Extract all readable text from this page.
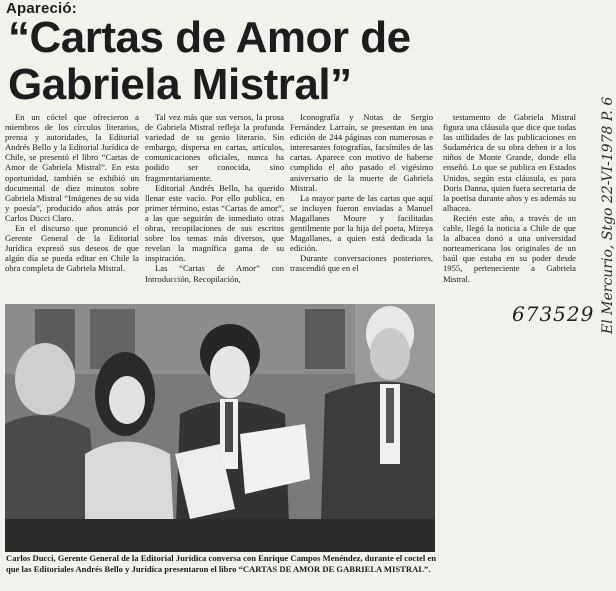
Apareció:
“Cartas de Amor de Gabriela Mistral”

En un cóctel que ofrecieron a miembros de los círculos literarios, prensa y autoridades, la Editorial Andrés Bello y la Editorial Jurídica de Chile, se presentó el libro “Cartas de Amor de Gabriela Mistral”. En esta oportunidad, también se exhibió un documental de diez minutos sobre Gabriela Mistral “Imágenes de su vida y poesía”, producido años atrás por Carlos Ducci Claro.

En el discurso que pronunció el Gerente General de la Editorial Jurídica expresó sus deseos de que algún día se pueda editar en Chile la obra completa de Gabriela Mistral.

Tal vez más que sus versos, la prosa de Gabriela Mistral refleja la profunda variedad de su genio literario. Sin embargo, dispersa en cartas, artículos, comunicaciones oficiales, nunca ha podido ser conocida, sino fragmentariamente.

Editorial Andrés Bello, ha querido llenar este vacío. Por ello publica, en primer término, estas “Cartas de amor”, a las que seguirán de inmediato otras obras, recopilaciones de sus escritos sobre los temas más diversos, que revelan la magnífica gama de su inspiración.

Las “Cartas de Amor” con Introducción, Recopilación,

Iconografía y Notas de Sergio Fernández Larraín, se presentan en una edición de 244 páginas con numerosas e interesantes fotografías, facsímiles de las cartas. Aparece con motivo de haberse cumplido el año pasado el vigésimo aniversario de la muerte de Gabriela Mistral.

La mayor parte de las cartas que aquí se incluyen fueron enviadas a Manuel Magallanes Moure y facilitadas gentilmente por la hija del poeta, Mireya Magallanes, a quien está dedicada la edición.

Durante conversaciones posteriores, trascendió que en el

testamento de Gabriela Mistral figura una cláusula que dice que todas las utilidades de las publicaciones en Sudamérica de su obra deben ir a los niños de Monte Grande, donde ella enseñó. Lo que se publica en Estados Unidos, según esta cláusula, es para Doris Danna, quien fuera secretaria de la poetisa durante años y es además su albacea.

Recién este año, a través de un cable, llegó la noticia a Chile de que la albacea donó a una universidad norteamericana los originales de un baúl que estaba en su poder desde 1955, perteneciente a Gabriela Mistral.	El Mercurio, Stgo 22-VI-1978 P. 6
673529
Carlos Ducci, Gerente General de la Editorial Jurídica conversa con Enrique Campos Menéndez, durante el coctel en que las Editoriales Andrés Bello y Jurídica presentaron el libro “CARTAS DE AMOR DE GABRIELA MISTRAL”.
